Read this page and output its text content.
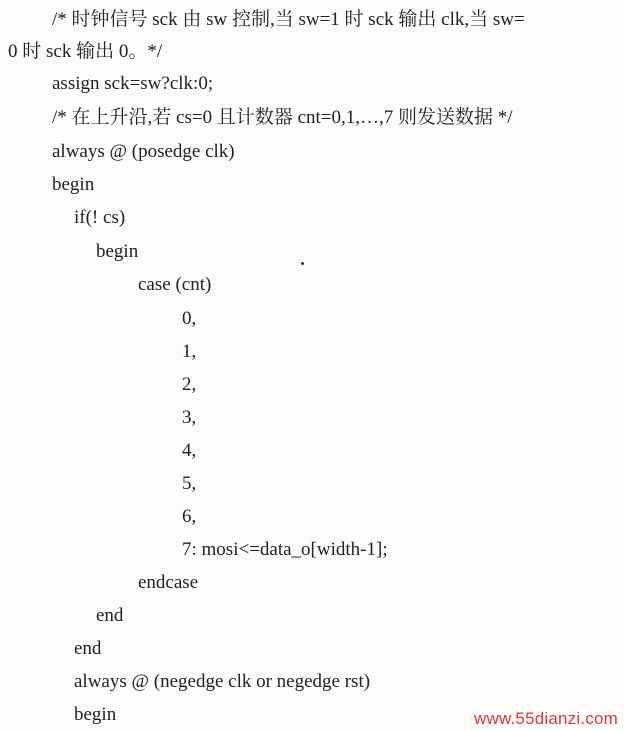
/* 时钟信号 sck 由 sw 控制,当 sw=1 时 sck 输出 clk,当 sw=
0 时 sck 输出 0。*/
assign sck=sw?clk:0;
/* 在上升沿,若 cs=0 且计数器 cnt=0,1,…,7 则发送数据 */
always @ (posedge clk)
begin
if(! cs)
begin
case (cnt)
0,
1,
2,
3,
4,
5,
6,
7: mosi<=data_o[width-1];
endcase
end
end
always @ (negedge clk or negedge rst)
begin	www.55dianzi.com
